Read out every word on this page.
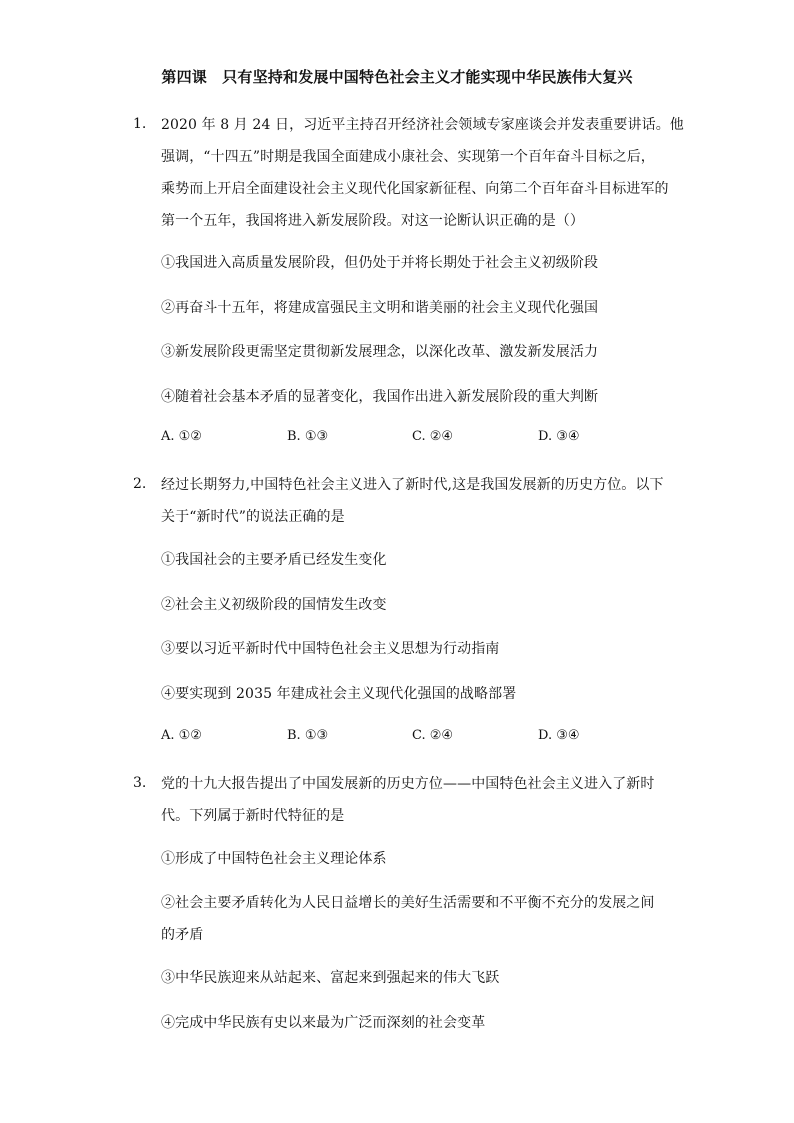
第四课　只有坚持和发展中国特色社会主义才能实现中华民族伟大复兴
1. 2020 年 8 月 24 日，习近平主持召开经济社会领域专家座谈会并发表重要讲话。他
强调，“十四五”时期是我国全面建成小康社会、实现第一个百年奋斗目标之后，
乘势而上开启全面建设社会主义现代化国家新征程、向第二个百年奋斗目标进军的
第一个五年，我国将进入新发展阶段。对这一论断认识正确的是（）
①我国进入高质量发展阶段，但仍处于并将长期处于社会主义初级阶段
②再奋斗十五年，将建成富强民主文明和谐美丽的社会主义现代化强国
③新发展阶段更需坚定贯彻新发展理念，以深化改革、激发新发展活力
④随着社会基本矛盾的显著变化，我国作出进入新发展阶段的重大判断
A. ①②	B. ①③	C. ②④	D. ③④
2. 经过长期努力,中国特色社会主义进入了新时代,这是我国发展新的历史方位。以下
关于“新时代”的说法正确的是
①我国社会的主要矛盾已经发生变化
②社会主义初级阶段的国情发生改变
③要以习近平新时代中国特色社会主义思想为行动指南
④要实现到 2035 年建成社会主义现代化强国的战略部署
A. ①②	B. ①③	C. ②④	D. ③④
3. 党的十九大报告提出了中国发展新的历史方位——中国特色社会主义进入了新时
代。下列属于新时代特征的是
①形成了中国特色社会主义理论体系
②社会主要矛盾转化为人民日益增长的美好生活需要和不平衡不充分的发展之间
的矛盾
③中华民族迎来从站起来、富起来到强起来的伟大飞跃
④完成中华民族有史以来最为广泛而深刻的社会变革
